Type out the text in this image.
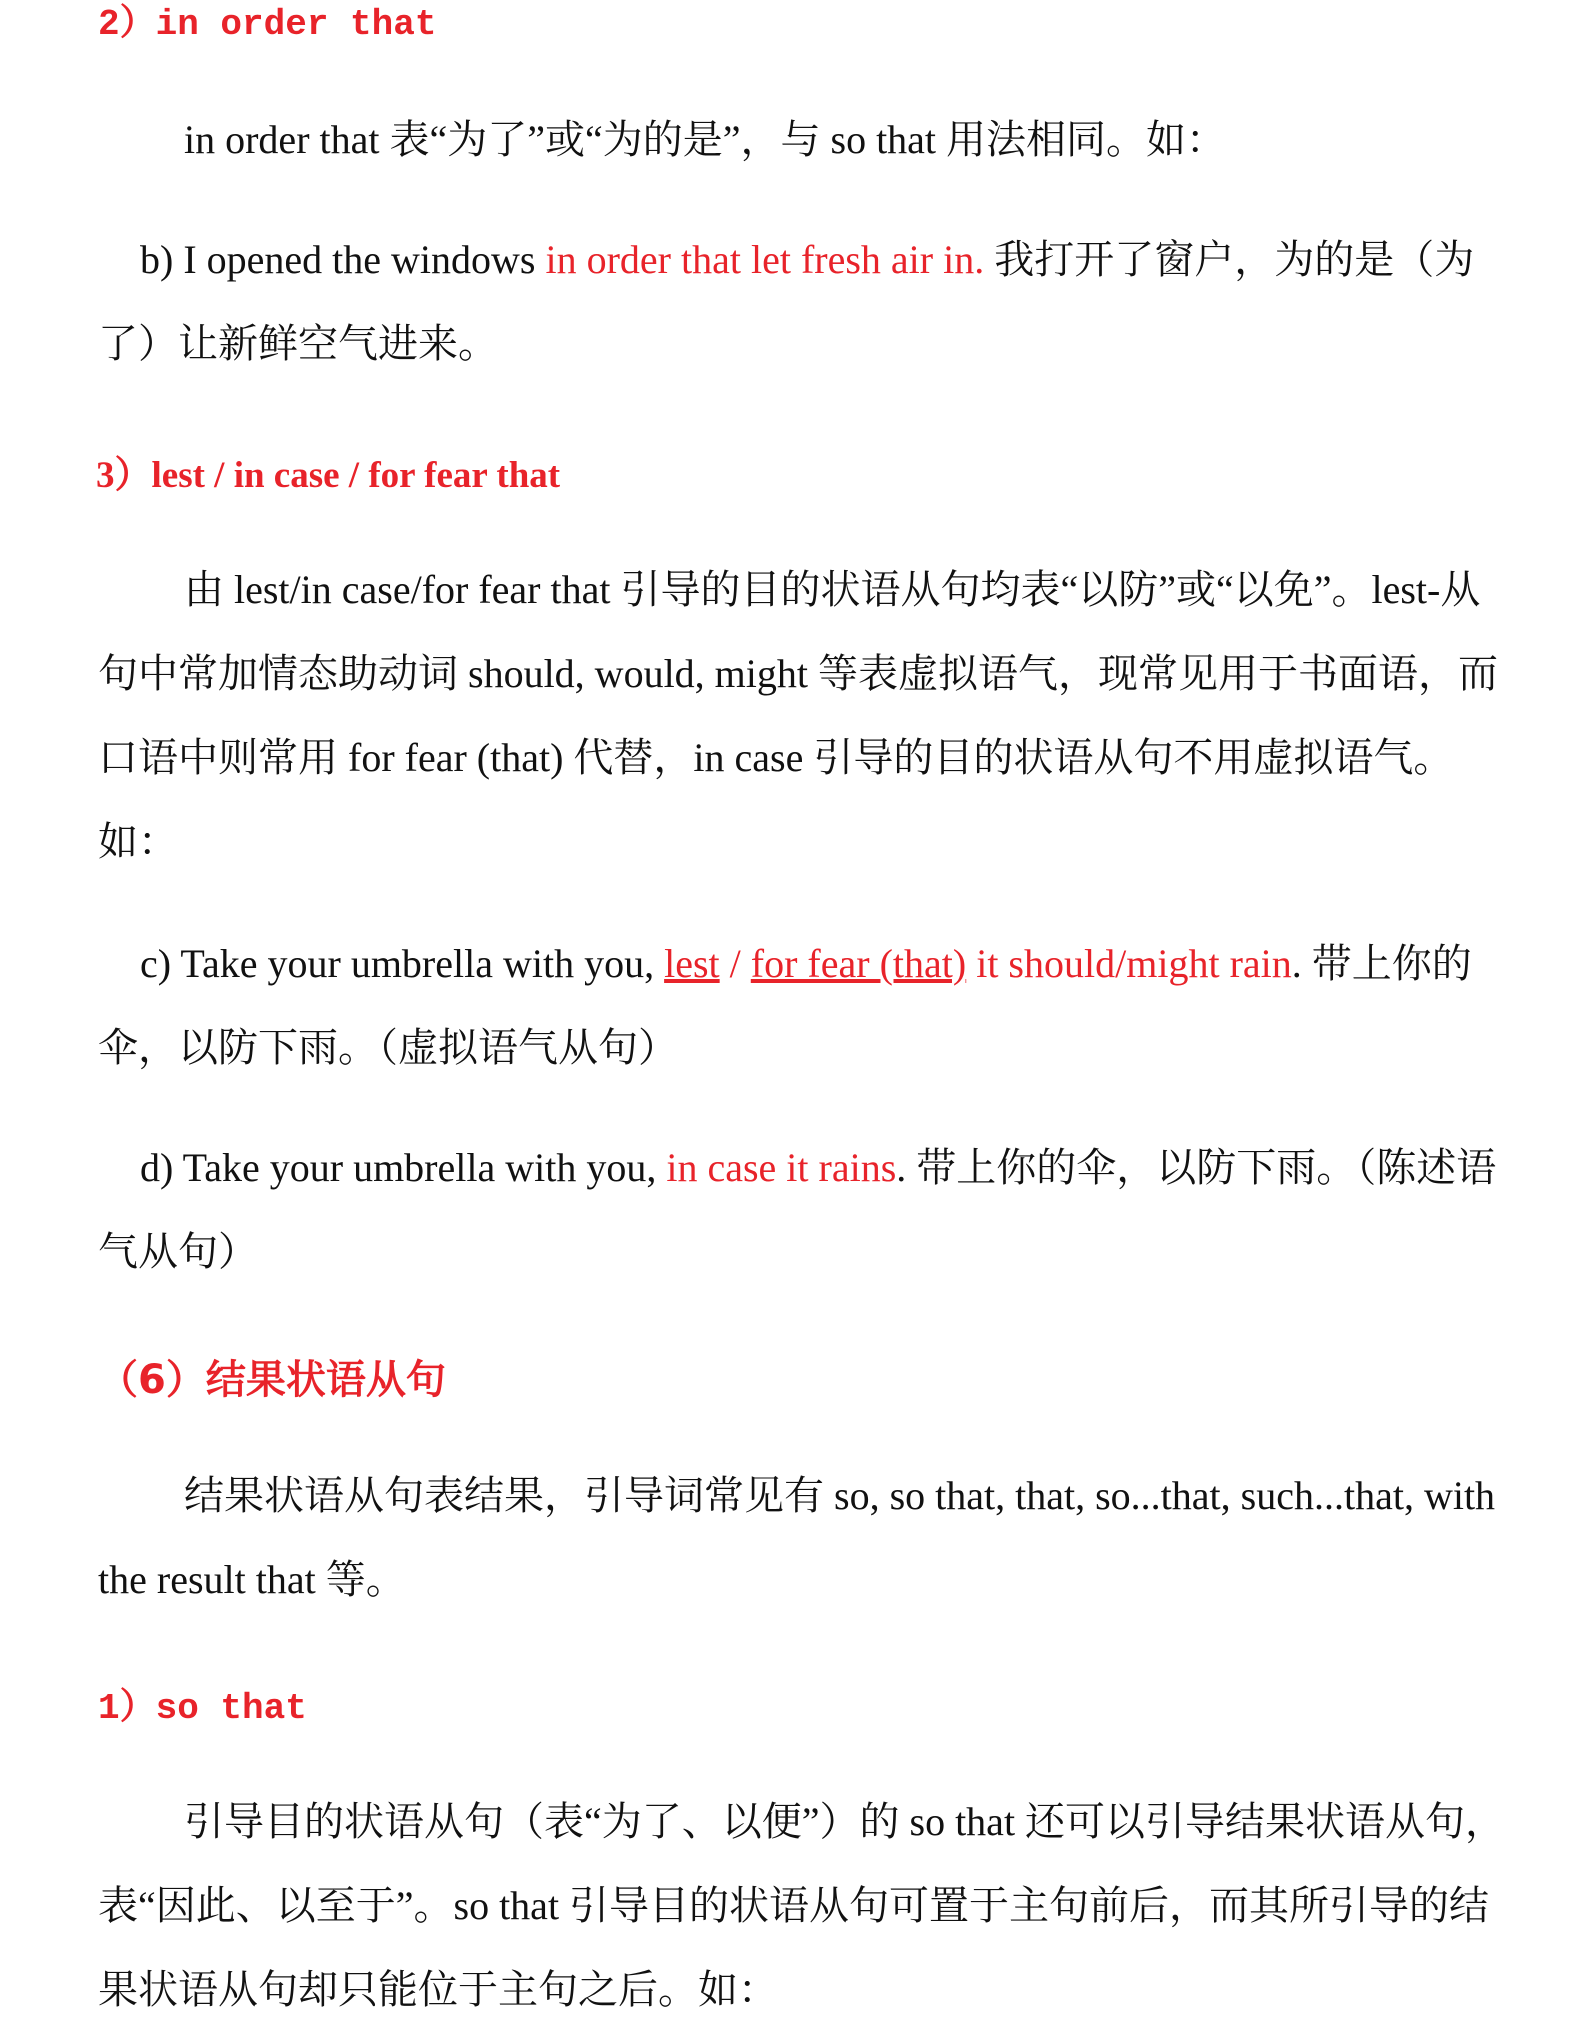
2）in order that

in order that 表“为了”或“为的是”，与 so that 用法相同。如：

b) I opened the windows in order that let fresh air in. 我打开了窗户，为的是（为了）让新鲜空气进来。

3）lest / in case / for fear that

由 lest/in case/for fear that 引导的目的状语从句均表“以防”或“以免”。lest-从句中常加情态助动词 should, would, might 等表虚拟语气，现常见用于书面语，而口语中则常用 for fear (that) 代替，in case 引导的目的状语从句不用虚拟语气。如：

c) Take your umbrella with you, lest / for fear (that) it should/might rain. 带上你的伞，以防下雨。（虚拟语气从句）

d) Take your umbrella with you, in case it rains. 带上你的伞，以防下雨。（陈述语气从句）

（6）结果状语从句

结果状语从句表结果，引导词常见有 so, so that, that, so...that, such...that, with the result that 等。

1）so that

引导目的状语从句（表“为了、以便”）的 so that 还可以引导结果状语从句，表“因此、以至于”。so that 引导目的状语从句可置于主句前后，而其所引导的结果状语从句却只能位于主句之后。如：
